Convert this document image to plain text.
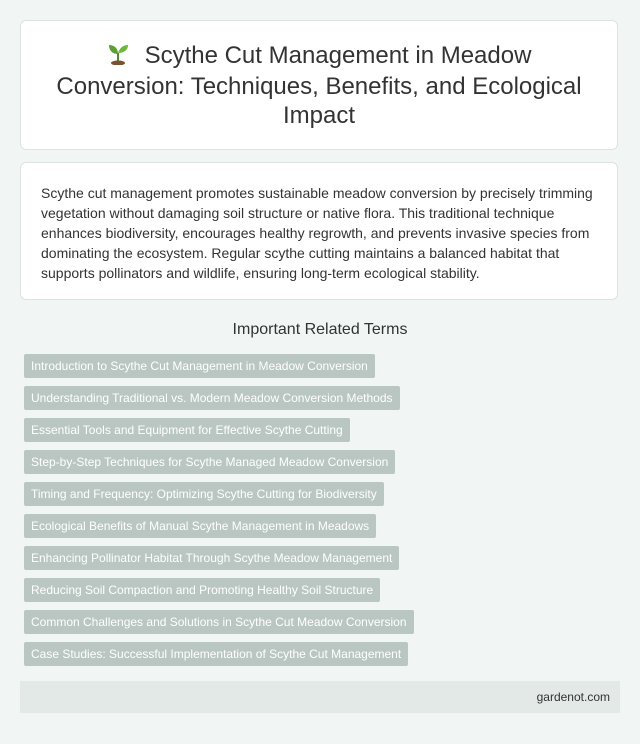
Scythe Cut Management in Meadow Conversion: Techniques, Benefits, and Ecological Impact

Scythe cut management promotes sustainable meadow conversion by precisely trimming vegetation without damaging soil structure or native flora. This traditional technique enhances biodiversity, encourages healthy regrowth, and prevents invasive species from dominating the ecosystem. Regular scythe cutting maintains a balanced habitat that supports pollinators and wildlife, ensuring long-term ecological stability.

Important Related Terms
Introduction to Scythe Cut Management in Meadow Conversion
Understanding Traditional vs. Modern Meadow Conversion Methods
Essential Tools and Equipment for Effective Scythe Cutting
Step-by-Step Techniques for Scythe Managed Meadow Conversion
Timing and Frequency: Optimizing Scythe Cutting for Biodiversity
Ecological Benefits of Manual Scythe Management in Meadows
Enhancing Pollinator Habitat Through Scythe Meadow Management
Reducing Soil Compaction and Promoting Healthy Soil Structure
Common Challenges and Solutions in Scythe Cut Meadow Conversion
Case Studies: Successful Implementation of Scythe Cut Management
gardenot.com
